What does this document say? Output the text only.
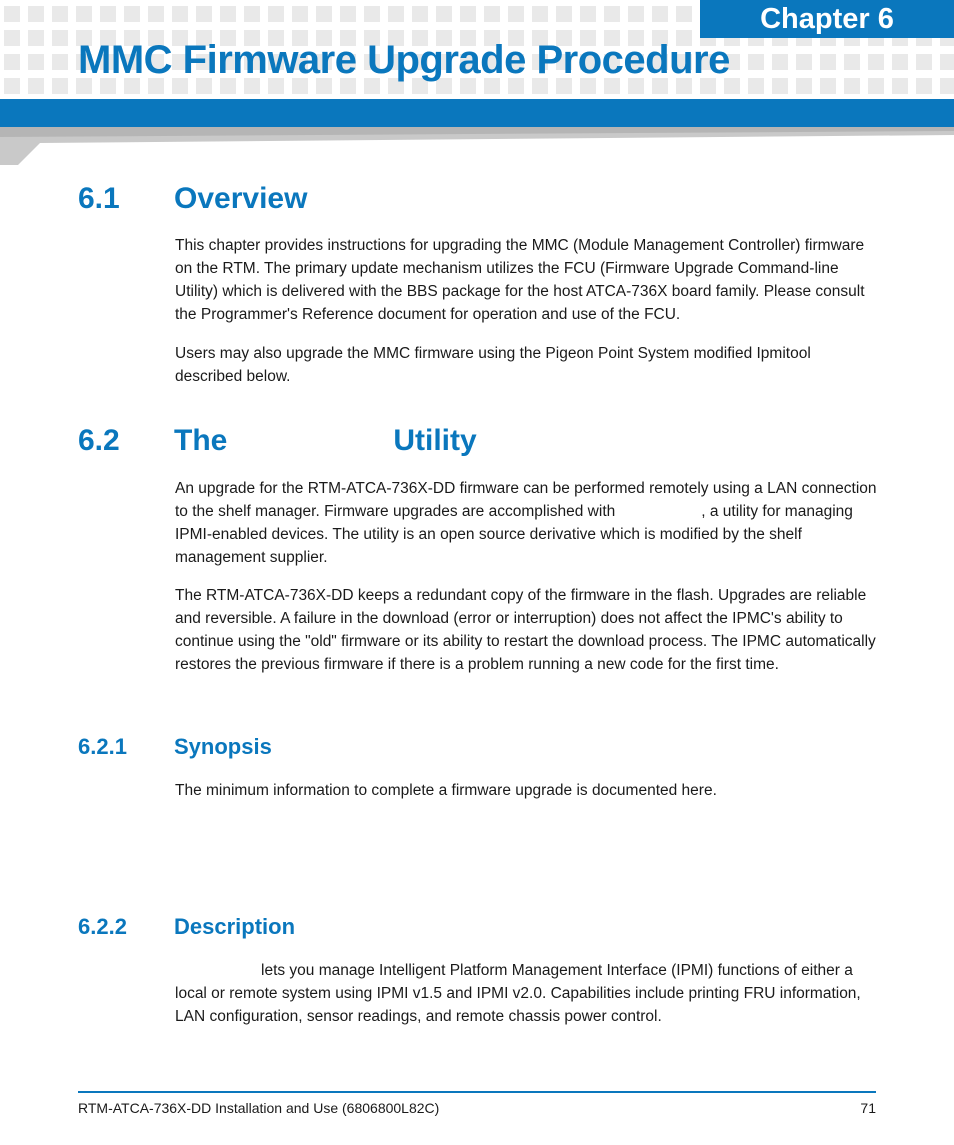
Chapter 6
MMC Firmware Upgrade Procedure
6.1 Overview

This chapter provides instructions for upgrading the MMC (Module Management Controller) firmware on the RTM. The primary update mechanism utilizes the FCU (Firmware Upgrade Command-line Utility) which is delivered with the BBS package for the host ATCA-736X board family. Please consult the Programmer's Reference document for operation and use of the FCU.

Users may also upgrade the MMC firmware using the Pigeon Point System modified Ipmitool described below.

6.2 The	Utility

An upgrade for the RTM-ATCA-736X-DD firmware can be performed remotely using a LAN connection to the shelf manager. Firmware upgrades are accomplished with	, a utility for managing IPMI-enabled devices. The utility is an open source derivative which is modified by the shelf management supplier.

The RTM-ATCA-736X-DD keeps a redundant copy of the firmware in the flash. Upgrades are reliable and reversible. A failure in the download (error or interruption) does not affect the IPMC's ability to continue using the "old" firmware or its ability to restart the download process. The IPMC automatically restores the previous firmware if there is a problem running a new code for the first time.

6.2.1 Synopsis

The minimum information to complete a firmware upgrade is documented here.

6.2.2 Description

lets you manage Intelligent Platform Management Interface (IPMI) functions of either a local or remote system using IPMI v1.5 and IPMI v2.0. Capabilities include printing FRU information, LAN configuration, sensor readings, and remote chassis power control.

RTM-ATCA-736X-DD Installation and Use (6806800L82C)	71
